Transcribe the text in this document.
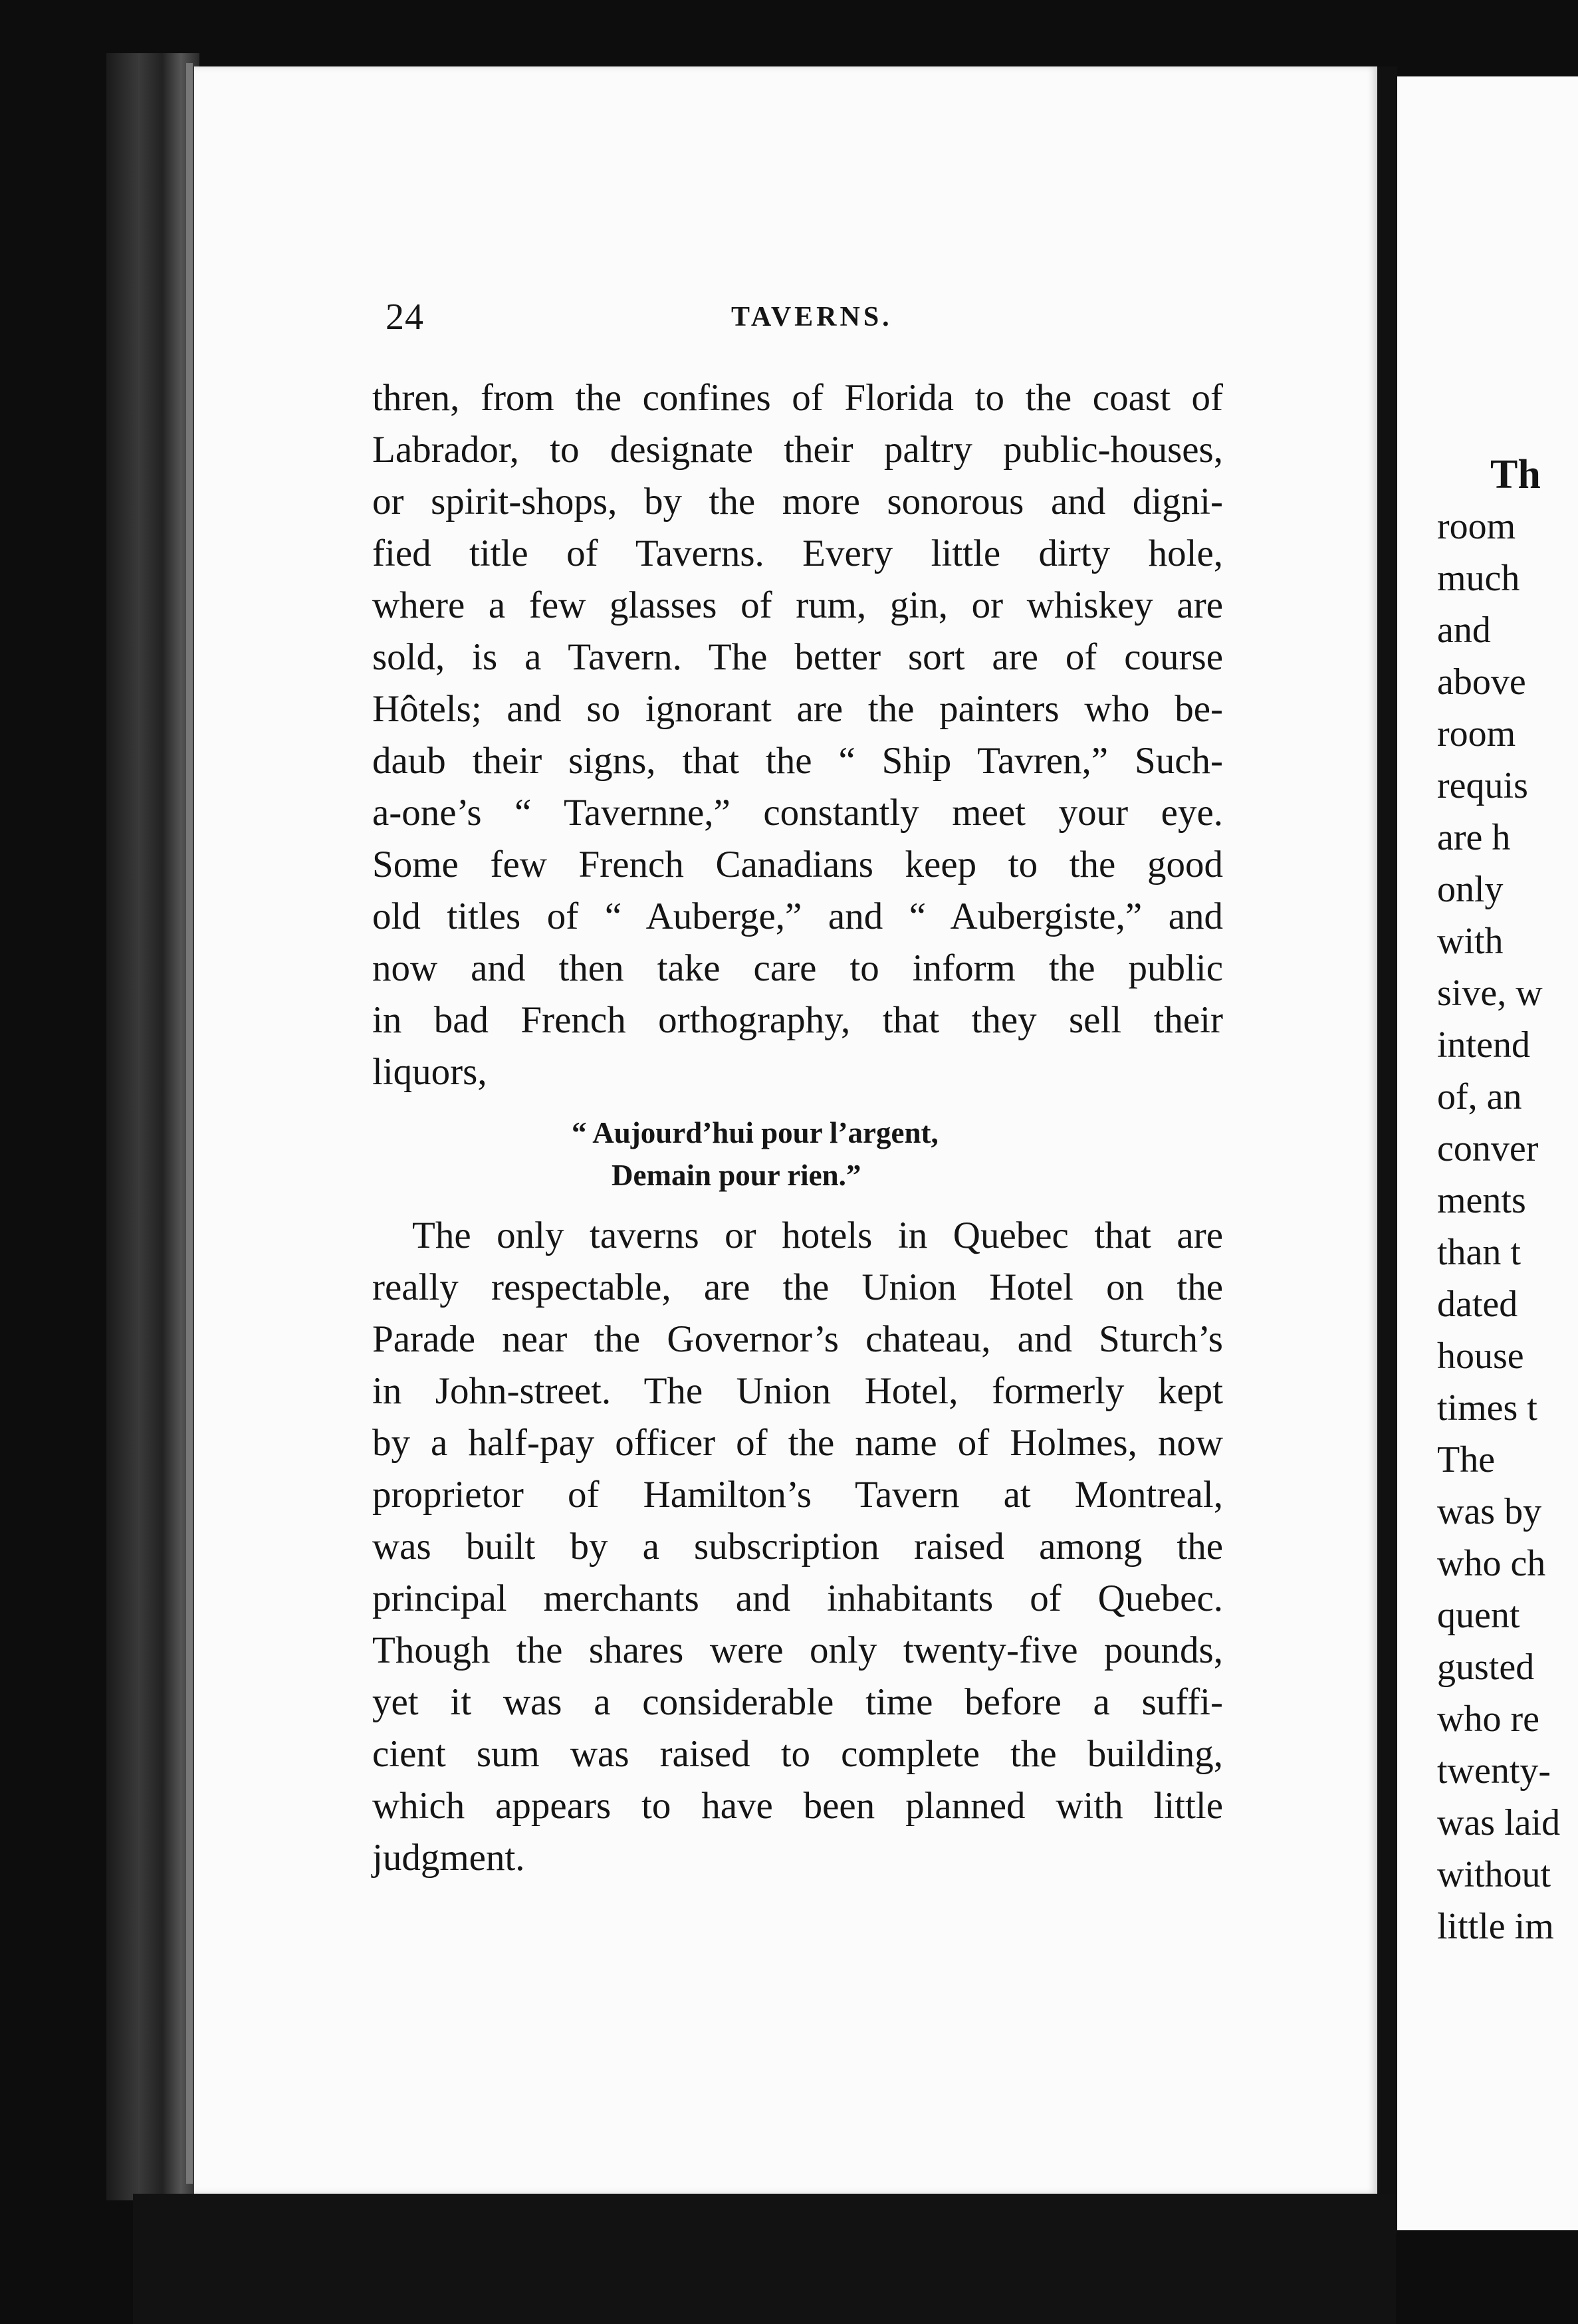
24	TAVERNS.
thren, from the confines of Florida to the coast of
Labrador, to designate their paltry public-houses,
or spirit-shops, by the more sonorous and digni-
fied title of Taverns. Every little dirty hole,
where a few glasses of rum, gin, or whiskey are
sold, is a Tavern. The better sort are of course
Hôtels; and so ignorant are the painters who be-
daub their signs, that the “ Ship Tavren,” Such-
a-one’s “ Tavernne,” constantly meet your eye.
Some few French Canadians keep to the good
old titles of “ Auberge,” and “ Aubergiste,” and
now and then take care to inform the public
in bad French orthography, that they sell their
liquors,
“ Aujourd’hui pour l’argent,
Demain pour rien.”
The only taverns or hotels in Quebec that are
really respectable, are the Union Hotel on the
Parade near the Governor’s chateau, and Sturch’s
in John-street. The Union Hotel, formerly kept
by a half-pay officer of the name of Holmes, now
proprietor of Hamilton’s Tavern at Montreal,
was built by a subscription raised among the
principal merchants and inhabitants of Quebec.
Though the shares were only twenty-five pounds,
yet it was a considerable time before a suffi-
cient sum was raised to complete the building,
which appears to have been planned with little
judgment.
Th
room
much
and
above
room
requis
are h
only
with
sive, w
intend
of, an
conver
ments
than t
dated
house
times t
The
was by
who ch
quent
gusted
who re
twenty-
was laid
without
little im
